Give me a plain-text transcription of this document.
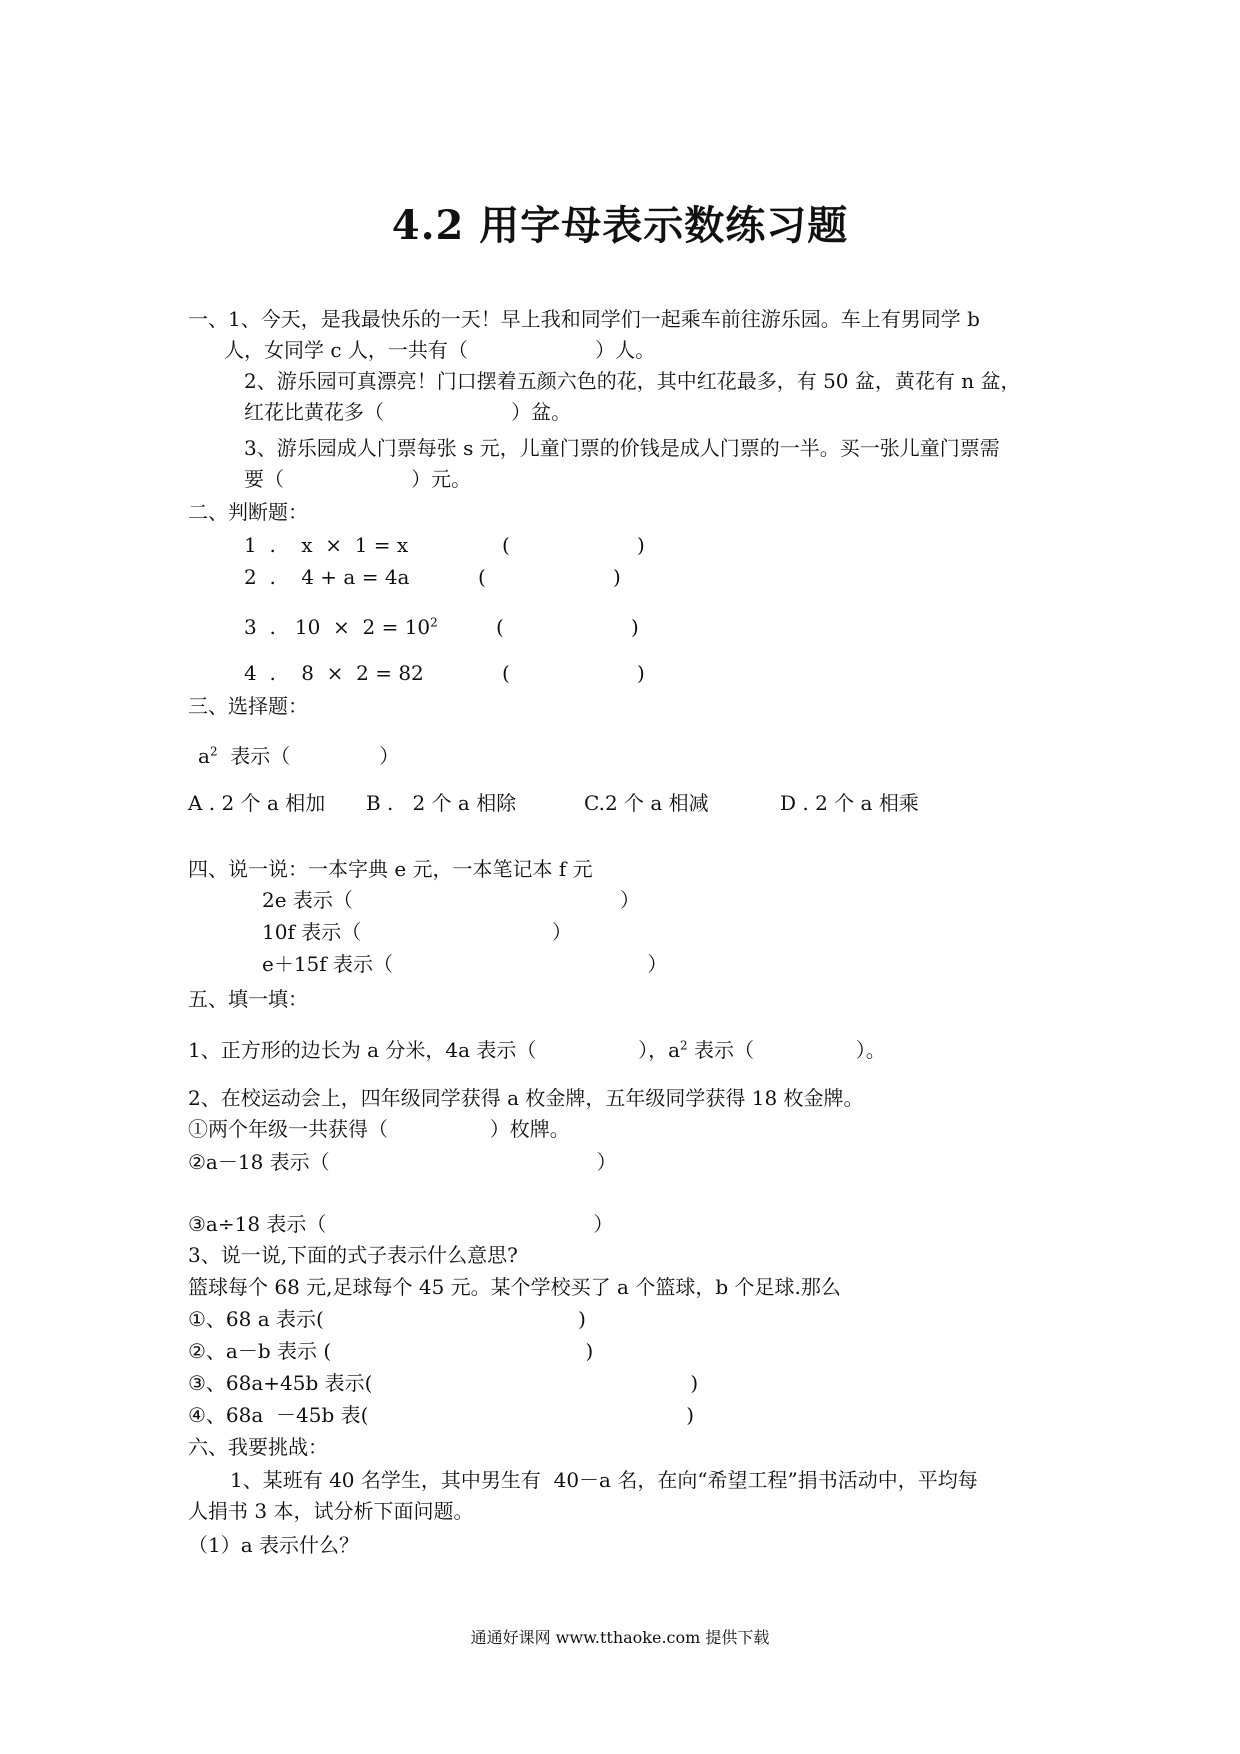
4.2 用字母表示数练习题
一、1、今天，是我最快乐的一天！早上我和同学们一起乘车前往游乐园。车上有男同学 b
人，女同学 c 人，一共有（                    ）人。
2、游乐园可真漂亮！门口摆着五颜六色的花，其中红花最多，有 50 盆，黄花有 n 盆，
红花比黄花多（                    ）盆。
3、游乐园成人门票每张 s 元，儿童门票的价钱是成人门票的一半。买一张儿童门票需
要（                    ）元。
二、判断题：
1  .    x  ×  1 = x	(                    )
2  .    4 + a = 4a	(                    )
3  .   $10 \times 2 = 10^2$	(                    )
4  .    8  ×  2 = 82	(                    )
三、选择题：
$a^2$  表示（              ）
A . 2 个 a 相加 B .   2 个 a 相除	C.2 个 a 相减	D . 2 个 a 相乘
四、说一说：一本字典 e 元，一本笔记本 f 元
2e 表示（                                          ）
10f 表示（                              ）
e＋15f 表示（                                        ）
五、填一填：
1、正方形的边长为 a 分米，4a 表示（                ），$a^2$ 表示（                ）。
2、在校运动会上，四年级同学获得 a 枚金牌，五年级同学获得 18 枚金牌。
①两个年级一共获得（                ）枚牌。
②a－18 表示（                                          ）
③a÷18 表示（                                          ）
3、说一说,下面的式子表示什么意思?
篮球每个 68 元,足球每个 45 元。某个学校买了 a 个篮球，b 个足球.那么
①、68 a 表示(                                        )
②、a－b 表示 (                                        )
③、68a+45b 表示(                                                  )
④、68a  －45b 表(                                                  )
六、我要挑战：
1、某班有 40 名学生，其中男生有  40－a 名，在向“希望工程”捐书活动中，平均每
人捐书 3 本，试分析下面问题。
（1）a 表示什么？
通通好课网 www.tthaoke.com 提供下载
